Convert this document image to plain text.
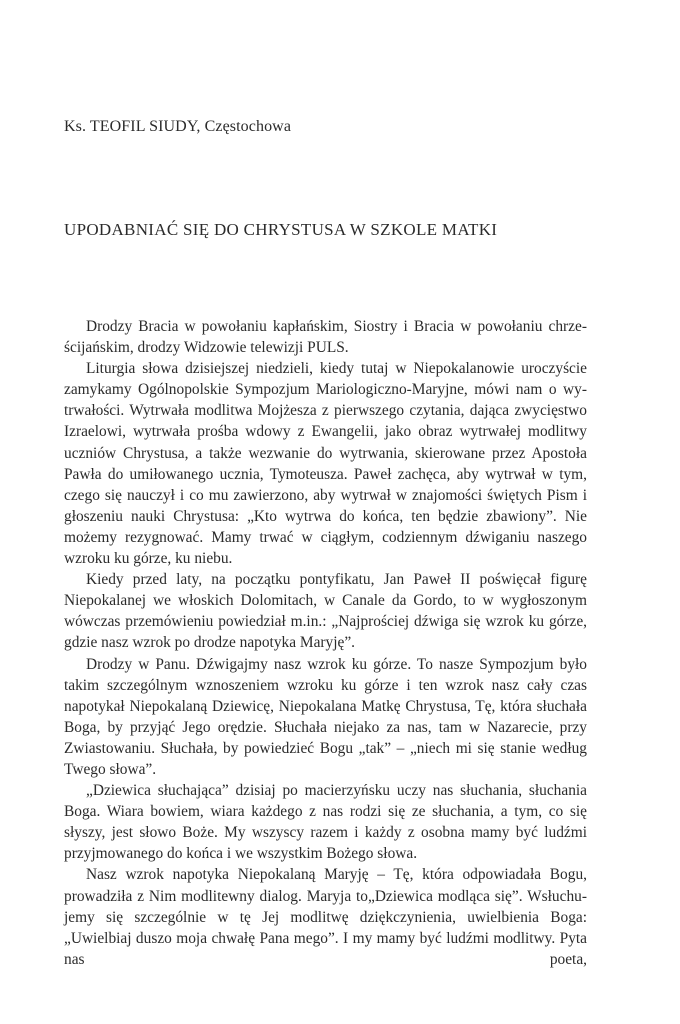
Ks. TEOFIL SIUDY, Częstochowa
UPODABNIAĆ SIĘ DO CHRYSTUSA W SZKOLE MATKI

Drodzy Bracia w powołaniu kapłańskim, Siostry i Bracia w powołaniu chrześcijańskim, drodzy Widzowie telewizji PULS.

Liturgia słowa dzisiejszej niedzieli, kiedy tutaj w Niepokalanowie uroczyście zamykamy Ogólnopolskie Sympozjum Mariologiczno-Maryjne, mówi nam o wytrwałości. Wytrwała modlitwa Mojżesza z pierwszego czytania, dająca zwycięstwo Izraelowi, wytrwała prośba wdowy z Ewangelii, jako obraz wytrwałej modlitwy uczniów Chrystusa, a także wezwanie do wytrwania, skierowane przez Apostoła Pawła do umiłowanego ucznia, Tymoteusza. Paweł zachęca, aby wytrwał w tym, czego się nauczył i co mu zawierzono, aby wytrwał w znajomości świętych Pism i głoszeniu nauki Chrystusa: „Kto wytrwa do końca, ten będzie zbawiony”. Nie możemy rezygnować. Mamy trwać w ciągłym, codziennym dźwiganiu naszego wzroku ku górze, ku niebu.

Kiedy przed laty, na początku pontyfikatu, Jan Paweł II poświęcał figurę Niepokalanej we włoskich Dolomitach, w Canale da Gordo, to w wygłoszonym wówczas przemówieniu powiedział m.in.: „Najprościej dźwiga się wzrok ku górze, gdzie nasz wzrok po drodze napotyka Maryję”.

Drodzy w Panu. Dźwigajmy nasz wzrok ku górze. To nasze Sympozjum było takim szczególnym wznoszeniem wzroku ku górze i ten wzrok nasz cały czas napotykał Niepokalaną Dziewicę, Niepokalana Matkę Chrystusa, Tę, która słuchała Boga, by przyjąć Jego orędzie. Słuchała niejako za nas, tam w Nazarecie, przy Zwiastowaniu. Słuchała, by powiedzieć Bogu „tak” – „niech mi się stanie według Twego słowa”.

„Dziewica słuchająca” dzisiaj po macierzyńsku uczy nas słuchania, słuchania Boga. Wiara bowiem, wiara każdego z nas rodzi się ze słuchania, a tym, co się słyszy, jest słowo Boże. My wszyscy razem i każdy z osobna mamy być ludźmi przyjmowanego do końca i we wszystkim Bożego słowa.

Nasz wzrok napotyka Niepokalaną Maryję – Tę, która odpowiadała Bogu, prowadziła z Nim modlitewny dialog. Maryja to„Dziewica modląca się”. Wsłuchujemy się szczególnie w tę Jej modlitwę dziękczynienia, uwielbienia Boga: „Uwielbiaj duszo moja chwałę Pana mego”. I my mamy być ludźmi modlitwy. Pyta nas poeta,
